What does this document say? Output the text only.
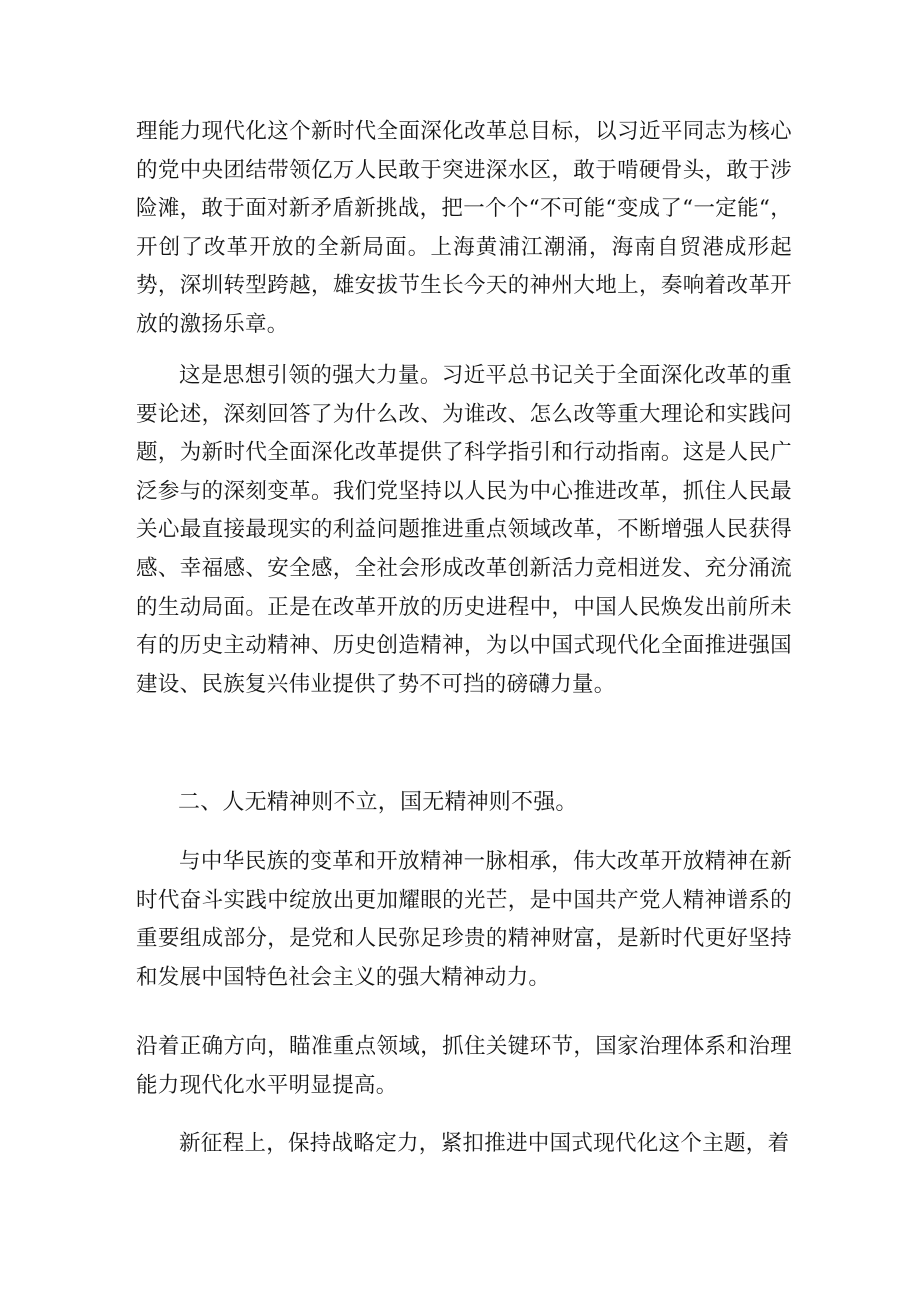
理能力现代化这个新时代全面深化改革总目标，以习近平同志为核心的党中央团结带领亿万人民敢于突进深水区，敢于啃硬骨头，敢于涉险滩，敢于面对新矛盾新挑战，把一个个“不可能“变成了“一定能“，开创了改革开放的全新局面。上海黄浦江潮涌，海南自贸港成形起势，深圳转型跨越，雄安拔节生长今天的神州大地上，奏响着改革开放的激扬乐章。

这是思想引领的强大力量。习近平总书记关于全面深化改革的重要论述，深刻回答了为什么改、为谁改、怎么改等重大理论和实践问题，为新时代全面深化改革提供了科学指引和行动指南。这是人民广泛参与的深刻变革。我们党坚持以人民为中心推进改革，抓住人民最关心最直接最现实的利益问题推进重点领域改革，不断增强人民获得感、幸福感、安全感，全社会形成改革创新活力竞相迸发、充分涌流的生动局面。正是在改革开放的历史进程中，中国人民焕发出前所未有的历史主动精神、历史创造精神，为以中国式现代化全面推进强国建设、民族复兴伟业提供了势不可挡的磅礴力量。

二、人无精神则不立，国无精神则不强。

与中华民族的变革和开放精神一脉相承，伟大改革开放精神在新时代奋斗实践中绽放出更加耀眼的光芒，是中国共产党人精神谱系的重要组成部分，是党和人民弥足珍贵的精神财富，是新时代更好坚持和发展中国特色社会主义的强大精神动力。

沿着正确方向，瞄准重点领域，抓住关键环节，国家治理体系和治理能力现代化水平明显提高。

新征程上，保持战略定力，紧扣推进中国式现代化这个主题，着
